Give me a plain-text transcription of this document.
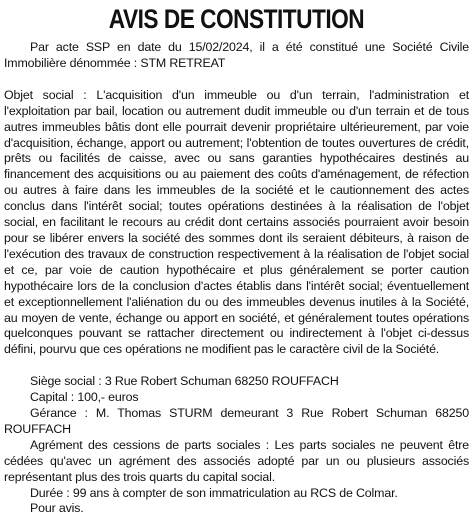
AVIS DE CONSTITUTION

Par acte SSP en date du 15/02/2024, il a été constitué une Société Civile Immobilière dénommée : STM RETREAT

Objet social : L'acquisition d'un immeuble ou d'un terrain, l'administration et l'exploitation par bail, location ou autrement dudit immeuble ou d'un terrain et de tous autres immeubles bâtis dont elle pourrait devenir propriétaire ultérieurement, par voie d'acquisition, échange, apport ou autrement; l'obtention de toutes ouvertures de crédit, prêts ou facilités de caisse, avec ou sans garanties hypothécaires destinés au financement des acquisitions ou au paiement des coûts d'aménagement, de réfection ou autres à faire dans les immeubles de la société et le cautionnement des actes conclus dans l'intérêt social; toutes opérations destinées à la réalisation de l'objet social, en facilitant le recours au crédit dont certains associés pourraient avoir besoin pour se libérer envers la société des sommes dont ils seraient débiteurs, à raison de l'exécution des travaux de construction respectivement à la réalisation de l'objet social et ce, par voie de caution hypothécaire et plus généralement se porter caution hypothécaire lors de la conclusion d'actes établis dans l'intérêt social; éventuellement et exceptionnellement l'aliénation du ou des immeubles devenus inutiles à la Société, au moyen de vente, échange ou apport en société, et généralement toutes opérations quelconques pouvant se rattacher directement ou indirectement à l'objet ci-dessus défini, pourvu que ces opérations ne modifient pas le caractère civil de la Société.

Siège social : 3 Rue Robert Schuman 68250 ROUFFACH

Capital : 100,- euros

Gérance : M. Thomas STURM demeurant 3 Rue Robert Schuman 68250 ROUFFACH

Agrément des cessions de parts sociales : Les parts sociales ne peuvent être cédées qu'avec un agrément des associés adopté par un ou plusieurs associés représentant plus des trois quarts du capital social.

Durée : 99 ans à compter de son immatriculation au RCS de Colmar.

Pour avis.
